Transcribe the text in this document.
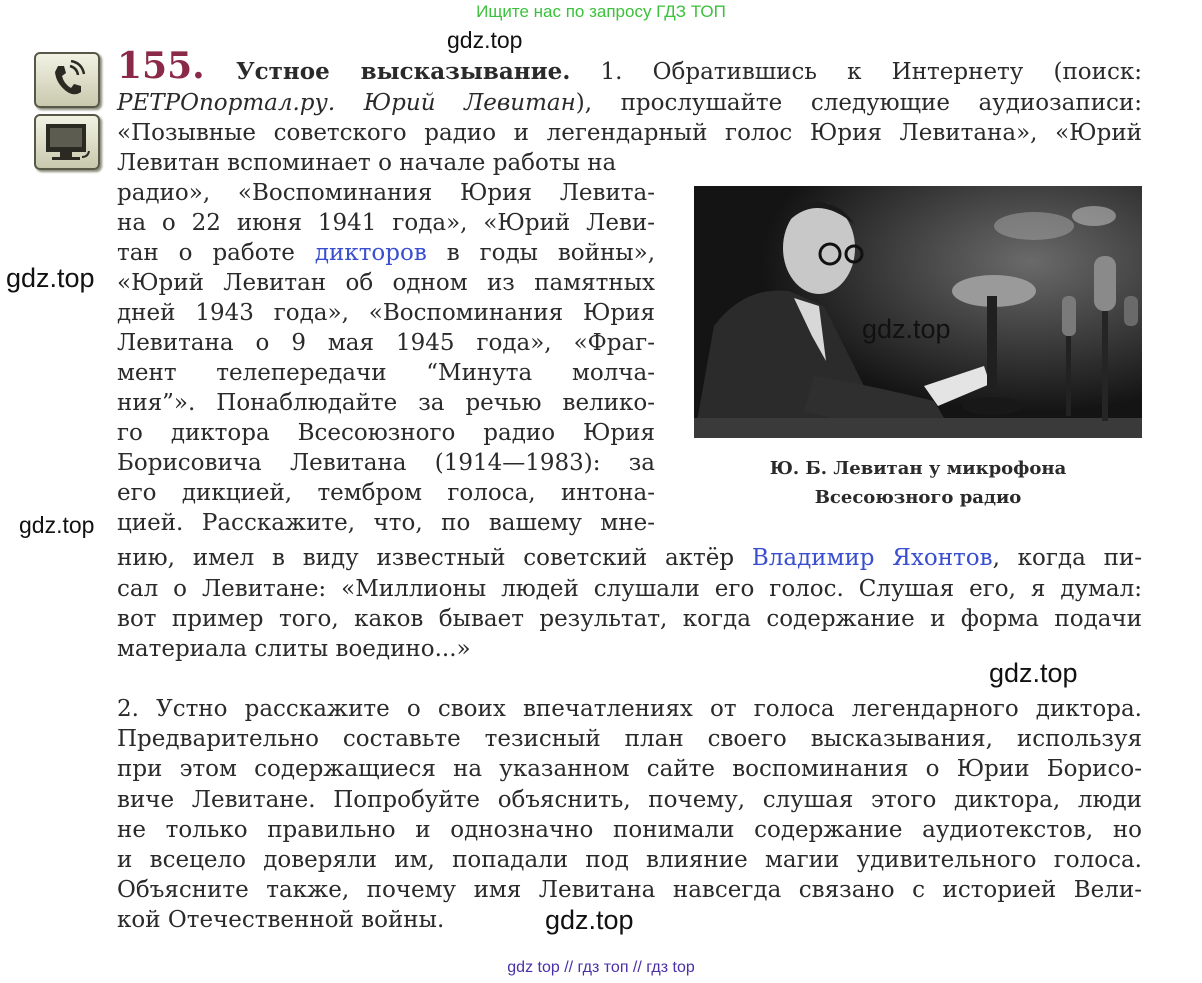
Ищите нас по запросу ГДЗ ТОП
155. Устное высказывание. 1. Обратившись к Интернету (поиск:
РЕТРОпортал.ру. Юрий Левитан), прослушайте следующие аудиозаписи:
«Позывные советского радио и легендарный голос Юрия Левитана», «Юрий
Левитан вспоминает о начале работы на
радио», «Воспоминания Юрия Левита-
на о 22 июня 1941 года», «Юрий Леви-
тан о работе дикторов в годы войны»,
«Юрий Левитан об одном из памятных
дней 1943 года», «Воспоминания Юрия
Левитана о 9 мая 1945 года», «Фраг-
мент телепередачи “Минута молча-
ния”». Понаблюдайте за речью велико-
го диктора Всесоюзного радио Юрия
Борисовича Левитана (1914—1983): за
его дикцией, тембром голоса, интона-
цией. Расскажите, что, по вашему мне-
нию, имел в виду известный советский актёр Владимир Яхонтов, когда пи-
сал о Левитане: «Миллионы людей слушали его голос. Слушая его, я думал:
вот пример того, каков бывает результат, когда содержание и форма подачи
материала слиты воедино...»
2. Устно расскажите о своих впечатлениях от голоса легендарного диктора.
Предварительно составьте тезисный план своего высказывания, используя
при этом содержащиеся на указанном сайте воспоминания о Юрии Борисо-
виче Левитане. Попробуйте объяснить, почему, слушая этого диктора, люди
не только правильно и однозначно понимали содержание аудиотекстов, но
и всецело доверяли им, попадали под влияние магии удивительного голоса.
Объясните также, почему имя Левитана навсегда связано с историей Вели-
кой Отечественной войны.
Ю. Б. Левитан у микрофона
Всесоюзного радио
gdz.top
gdz.top
gdz.top
gdz.top
gdz.top
gdz.top
gdz top // гдз топ // гдз top
